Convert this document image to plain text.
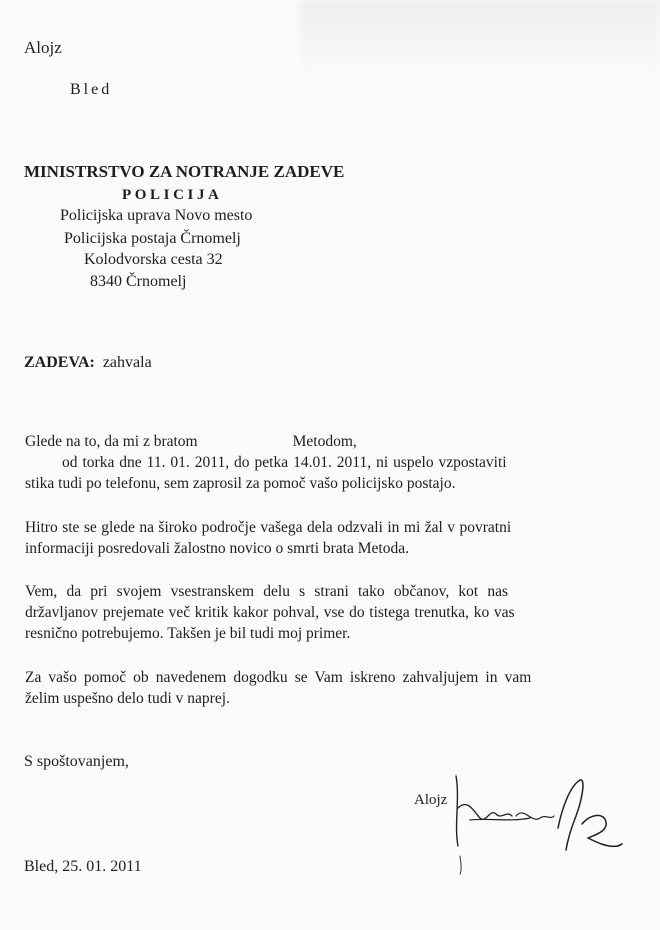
Alojz
Bled
MINISTRSTVO ZA NOTRANJE ZADEVE
POLICIJA
Policijska uprava Novo mesto
Policijska postaja Črnomelj
Kolodvorska cesta 32
8340 Črnomelj
ZADEVA: zahvala
Glede na to, da mi z bratom	Metodom,
od torka dne 11. 01. 2011, do petka 14.01. 2011, ni uspelo vzpostaviti
stika tudi po telefonu, sem zaprosil za pomoč vašo policijsko postajo.
Hitro ste se glede na široko področje vašega dela odzvali in mi žal v povratni
informaciji posredovali žalostno novico o smrti brata Metoda.
Vem, da pri svojem vsestranskem delu s strani tako občanov, kot nas
državljanov prejemate več kritik kakor pohval, vse do tistega trenutka, ko vas
resnično potrebujemo. Takšen je bil tudi moj primer.
Za vašo pomoč ob navedenem dogodku se Vam iskreno zahvaljujem in vam
želim uspešno delo tudi v naprej.
S spoštovanjem,
Alojz
Bled, 25. 01. 2011
